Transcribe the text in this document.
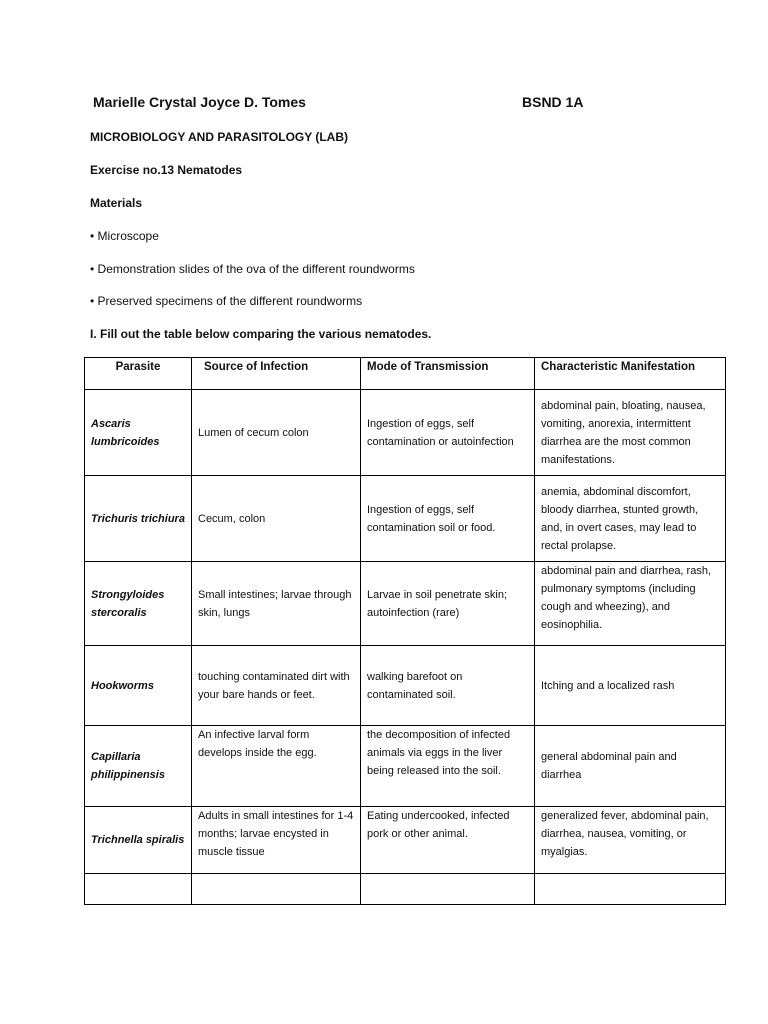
Marielle Crystal Joyce D. Tomes	BSND 1A
MICROBIOLOGY AND PARASITOLOGY (LAB)
Exercise no.13 Nematodes
Materials
• Microscope
• Demonstration slides of the ova of the different roundworms
• Preserved specimens of the different roundworms
I. Fill out the table below comparing the various nematodes.
Parasite	Source of Infection	Mode of Transmission	Characteristic Manifestation
Ascaris lumbricoides	Lumen of cecum colon	Ingestion of eggs, self contamination or autoinfection	abdominal pain, bloating, nausea, vomiting, anorexia, intermittent diarrhea are the most common manifestations.
Trichuris trichiura	Cecum, colon	Ingestion of eggs, self contamination soil or food.	anemia, abdominal discomfort, bloody diarrhea, stunted growth, and, in overt cases, may lead to rectal prolapse.
Strongyloides stercoralis	Small intestines; larvae through skin, lungs	Larvae in soil penetrate skin; autoinfection (rare)	abdominal pain and diarrhea, rash, pulmonary symptoms (including cough and wheezing), and eosinophilia.
Hookworms	touching contaminated dirt with your bare hands or feet.	walking barefoot on contaminated soil.	Itching and a localized rash
Capillaria philippinensis	An infective larval form develops inside the egg.	the decomposition of infected animals via eggs in the liver being released into the soil.	general abdominal pain and diarrhea
Trichnella spiralis	Adults in small intestines for 1-4 months; larvae encysted in muscle tissue	Eating undercooked, infected pork or other animal.	generalized fever, abdominal pain, diarrhea, nausea, vomiting, or myalgias.
